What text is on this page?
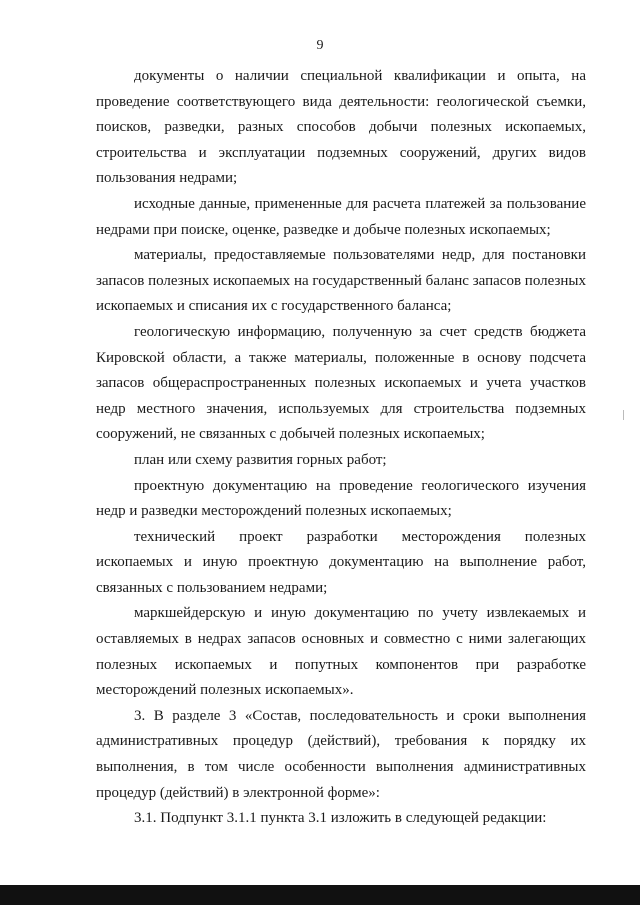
9

документы о наличии специальной квалификации и опыта, на проведение соответствующего вида деятельности: геологической съемки, поисков, разведки, разных способов добычи полезных ископаемых, строительства и эксплуатации подземных сооружений, других видов пользования недрами;

исходные данные, примененные для расчета платежей за пользование недрами при поиске, оценке, разведке и добыче полезных ископаемых;

материалы, предоставляемые пользователями недр, для постановки запасов полезных ископаемых на государственный баланс запасов полезных ископаемых и списания их с государственного баланса;

геологическую информацию, полученную за счет средств бюджета Кировской области, а также материалы, положенные в основу подсчета запасов общераспространенных полезных ископаемых и учета участков недр местного значения, используемых для строительства подземных сооружений, не связанных с добычей полезных ископаемых;

план или схему развития горных работ;

проектную документацию на проведение геологического изучения недр и разведки месторождений полезных ископаемых;

технический проект разработки месторождения полезных ископаемых и иную проектную документацию на выполнение работ, связанных с пользованием недрами;

маркшейдерскую и иную документацию по учету извлекаемых и оставляемых в недрах запасов основных и совместно с ними залегающих полезных ископаемых и попутных компонентов при разработке месторождений полезных ископаемых».

3. В разделе 3 «Состав, последовательность и сроки выполнения административных процедур (действий), требования к порядку их выполнения, в том числе особенности выполнения административных процедур (действий) в электронной форме»:

3.1. Подпункт 3.1.1 пункта 3.1 изложить в следующей редакции:
